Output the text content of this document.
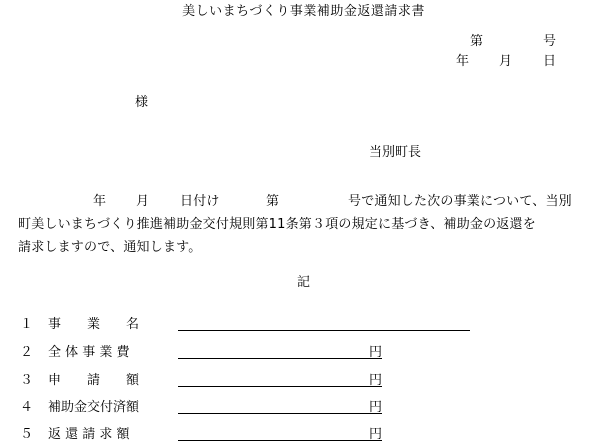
美しいまちづくり事業補助金返還請求書
第	号
年 月 日
様
当別町長
年 月 日付け	第	号で通知した次の事業について、当別
町美しいまちづくり推進補助金交付規則第11条第３項の規定に基づき、補助金の返還を
請求しますので、通知します。
記
１ 事　　業　　名
２ 全 体 事 業 費	円
３ 申　　請　　額	円
４ 補助金交付済額	円
５ 返 還 請 求 額	円
